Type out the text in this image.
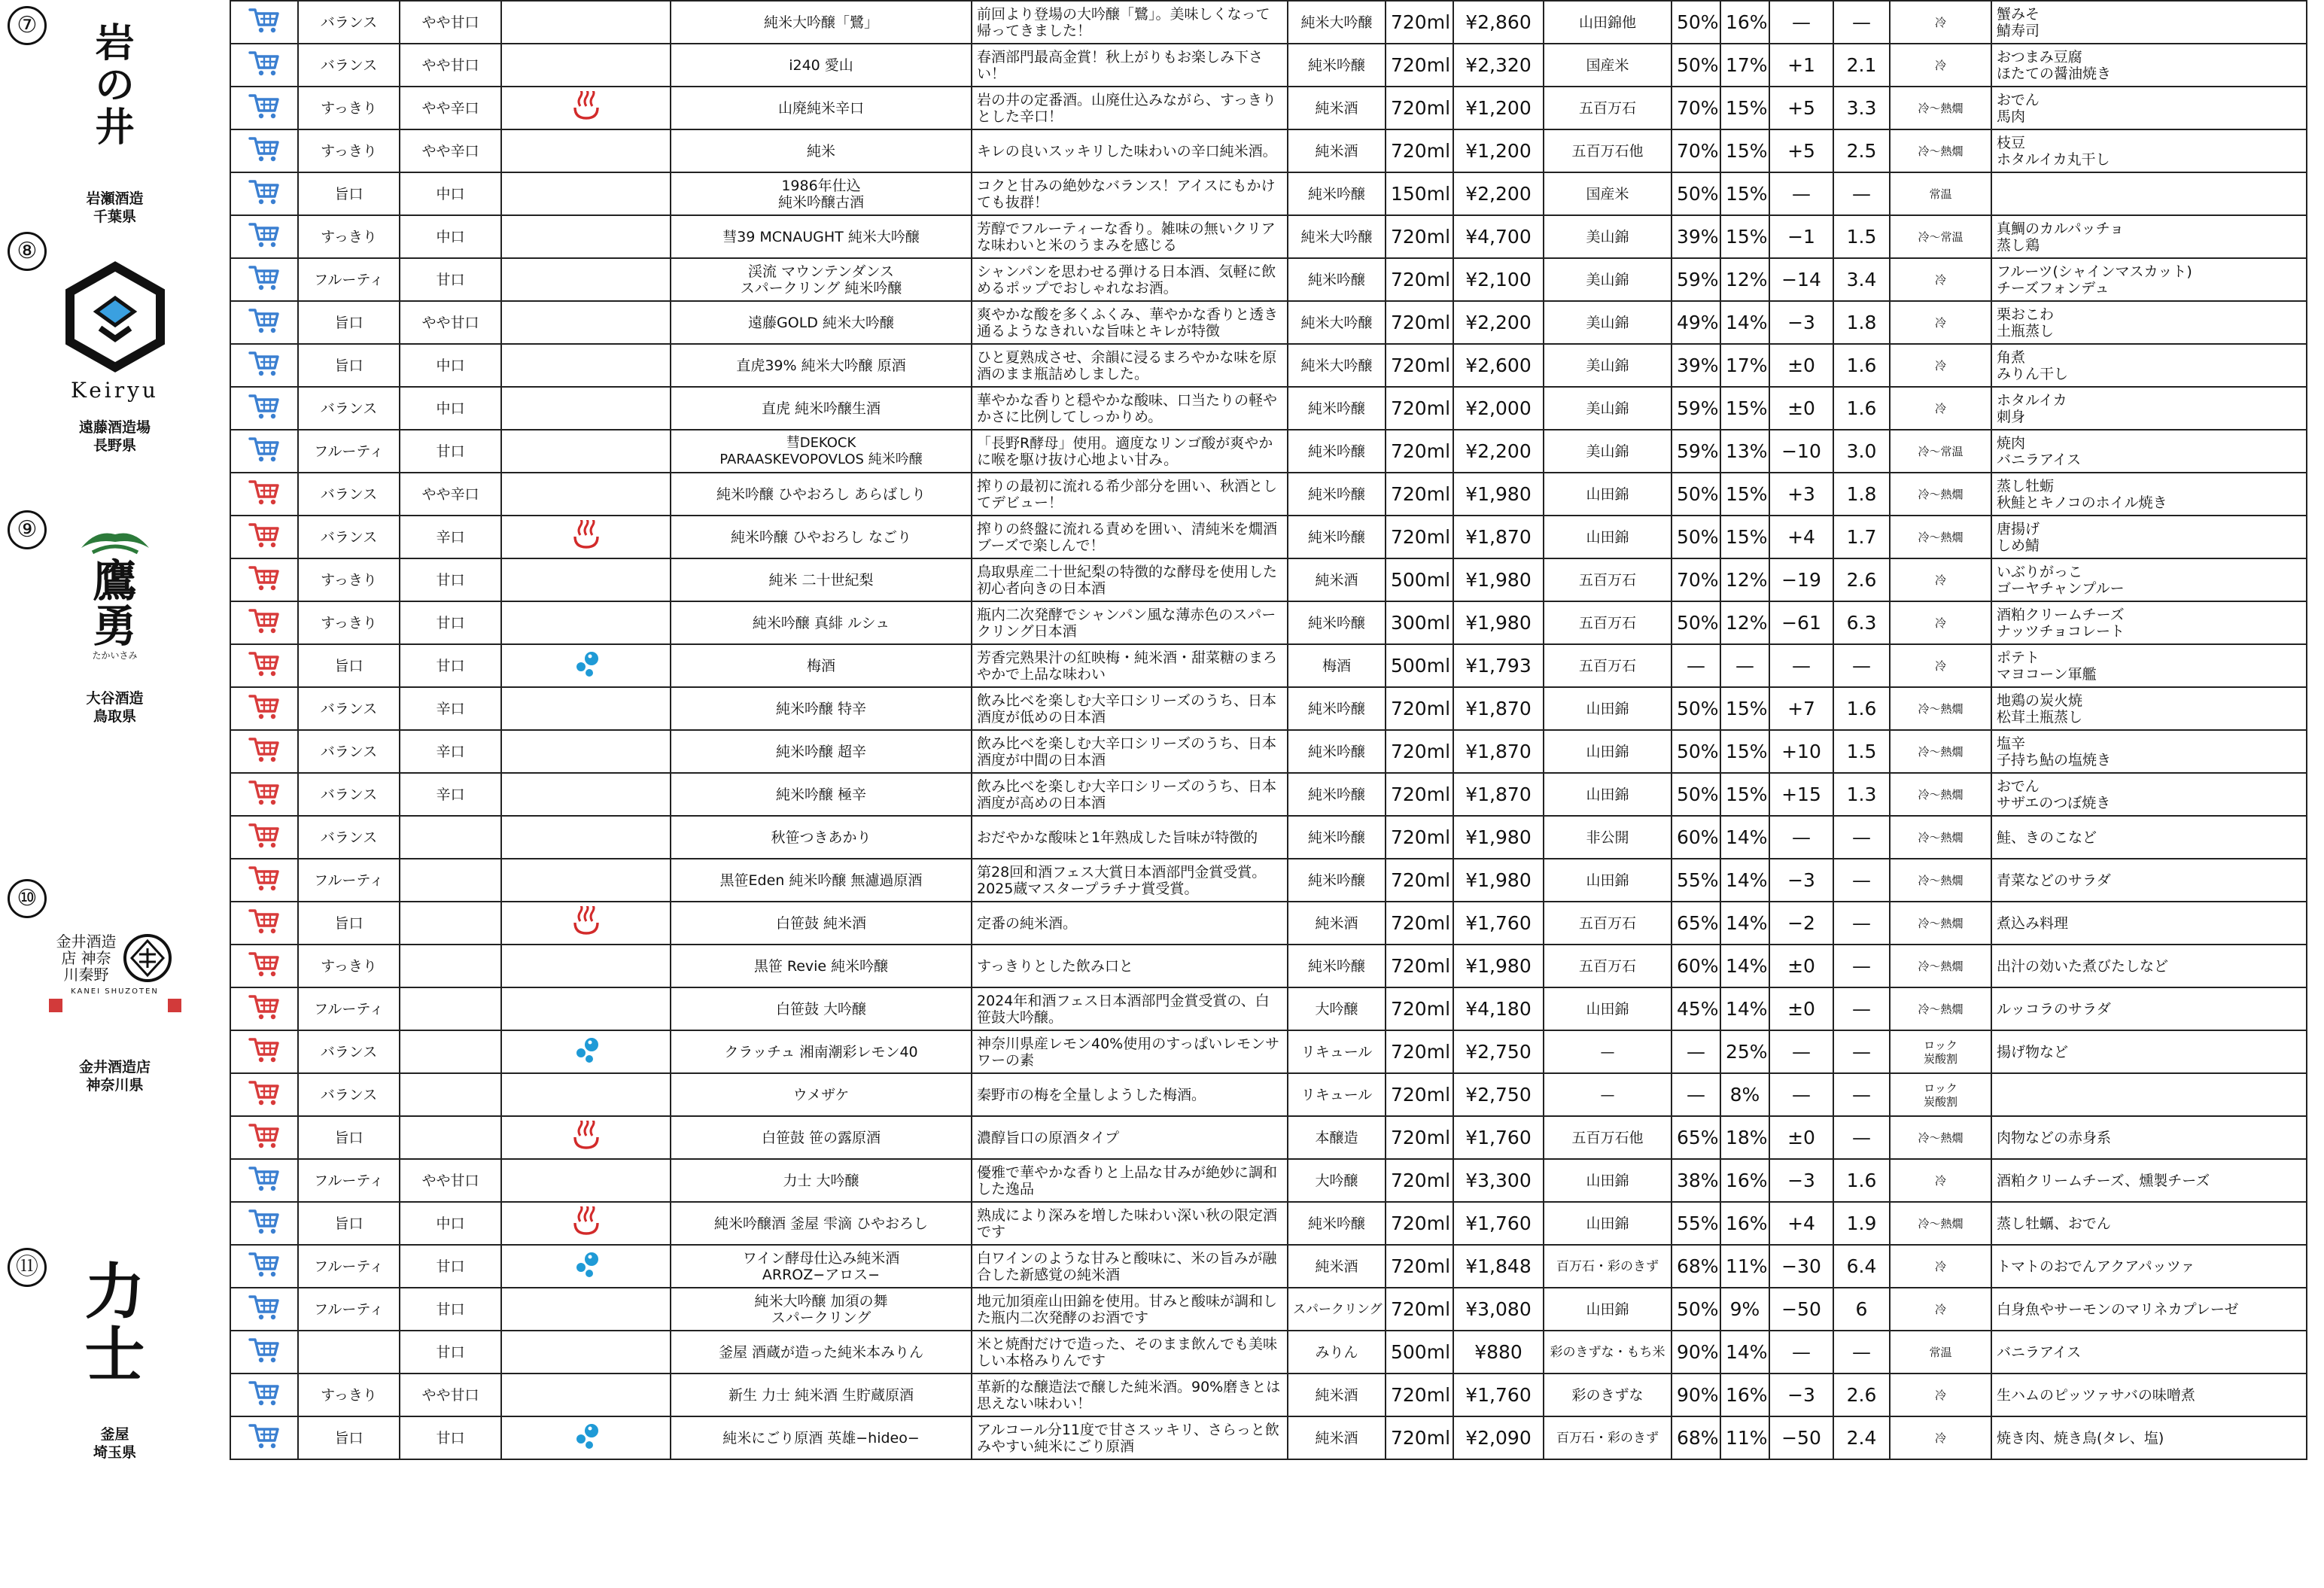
⑦ 岩の井
岩瀬酒造
千葉県
⑧
Keiryu
遠藤酒造場
長野県
⑨
鷹勇
たかいさみ
大谷酒造
鳥取県
⑩
金井酒造店 神奈川秦野
KANEI SHUZOTEN
金井酒造店
神奈川県
⑪ 力士
釜屋
埼玉県
	バランス	やや甘口		純米大吟醸「鷺」	前回より登場の大吟醸「鷺」。美味しくなって帰ってきました！	純米大吟醸	720ml	¥2,860	山田錦他	50%	16%	—	—	冷	蟹みそ
鯖寿司
	バランス	やや甘口		i240 愛山	春酒部門最高金賞！秋上がりもお楽しみ下さい！	純米吟醸	720ml	¥2,320	国産米	50%	17%	+1	2.1	冷	おつまみ豆腐
ほたての醤油焼き
	すっきり	やや辛口		山廃純米辛口	岩の井の定番酒。山廃仕込みながら、すっきりとした辛口！	純米酒	720ml	¥1,200	五百万石	70%	15%	+5	3.3	冷～熱燗	おでん
馬肉
	すっきり	やや辛口		純米	キレの良いスッキリした味わいの辛口純米酒。	純米酒	720ml	¥1,200	五百万石他	70%	15%	+5	2.5	冷～熱燗	枝豆
ホタルイカ丸干し
	旨口	中口		1986年仕込
純米吟醸古酒	コクと甘みの絶妙なバランス！アイスにもかけても抜群！	純米吟醸	150ml	¥2,200	国産米	50%	15%	—	—	常温	
	すっきり	中口		彗39 MCNAUGHT 純米大吟醸	芳醇でフルーティーな香り。雑味の無いクリアな味わいと米のうまみを感じる	純米大吟醸	720ml	¥4,700	美山錦	39%	15%	−1	1.5	冷～常温	真鯛のカルパッチョ
蒸し鶏
	フルーティ	甘口		渓流 マウンテンダンス
スパークリング 純米吟醸	シャンパンを思わせる弾ける日本酒、気軽に飲めるポップでおしゃれなお酒。	純米吟醸	720ml	¥2,100	美山錦	59%	12%	−14	3.4	冷	フルーツ(シャインマスカット)
チーズフォンデュ
	旨口	やや甘口		遠藤GOLD 純米大吟醸	爽やかな酸を多くふくみ、華やかな香りと透き通るようなきれいな旨味とキレが特徴	純米大吟醸	720ml	¥2,200	美山錦	49%	14%	−3	1.8	冷	栗おこわ
土瓶蒸し
	旨口	中口		直虎39% 純米大吟醸 原酒	ひと夏熟成させ、余韻に浸るまろやかな味を原酒のまま瓶詰めしました。	純米大吟醸	720ml	¥2,600	美山錦	39%	17%	±0	1.6	冷	角煮
みりん干し
	バランス	中口		直虎 純米吟醸生酒	華やかな香りと穏やかな酸味、口当たりの軽やかさに比例してしっかりめ。	純米吟醸	720ml	¥2,000	美山錦	59%	15%	±0	1.6	冷	ホタルイカ
刺身
	フルーティ	甘口		彗DEKOCK
PARAASKEVOPOVLOS 純米吟醸	「長野R酵母」使用。適度なリンゴ酸が爽やかに喉を駆け抜け心地よい甘み。	純米吟醸	720ml	¥2,200	美山錦	59%	13%	−10	3.0	冷～常温	焼肉
バニラアイス
	バランス	やや辛口		純米吟醸 ひやおろし あらばしり	搾りの最初に流れる希少部分を囲い、秋酒としてデビュー！	純米吟醸	720ml	¥1,980	山田錦	50%	15%	+3	1.8	冷～熱燗	蒸し牡蛎
秋鮭とキノコのホイル焼き
	バランス	辛口		純米吟醸 ひやおろし なごり	搾りの終盤に流れる責めを囲い、清純米を燗酒ブーズで楽しんで！	純米吟醸	720ml	¥1,870	山田錦	50%	15%	+4	1.7	冷～熱燗	唐揚げ
しめ鯖
	すっきり	甘口		純米 二十世紀梨	鳥取県産二十世紀梨の特徴的な酵母を使用した初心者向きの日本酒	純米酒	500ml	¥1,980	五百万石	70%	12%	−19	2.6	冷	いぶりがっこ
ゴーヤチャンプルー
	すっきり	甘口		純米吟醸 真緋 ルシュ	瓶内二次発酵でシャンパン風な薄赤色のスパークリング日本酒	純米吟醸	300ml	¥1,980	五百万石	50%	12%	−61	6.3	冷	酒粕クリームチーズ
ナッツチョコレート
	旨口	甘口		梅酒	芳香完熟果汁の紅映梅・純米酒・甜菜糖のまろやかで上品な味わい	梅酒	500ml	¥1,793	五百万石	—	—	—	—	冷	ポテト
マヨコーン軍艦
	バランス	辛口		純米吟醸 特辛	飲み比べを楽しむ大辛口シリーズのうち、日本酒度が低めの日本酒	純米吟醸	720ml	¥1,870	山田錦	50%	15%	+7	1.6	冷～熱燗	地鶏の炭火焼
松茸土瓶蒸し
	バランス	辛口		純米吟醸 超辛	飲み比べを楽しむ大辛口シリーズのうち、日本酒度が中間の日本酒	純米吟醸	720ml	¥1,870	山田錦	50%	15%	+10	1.5	冷～熱燗	塩辛
子持ち鮎の塩焼き
	バランス	辛口		純米吟醸 極辛	飲み比べを楽しむ大辛口シリーズのうち、日本酒度が高めの日本酒	純米吟醸	720ml	¥1,870	山田錦	50%	15%	+15	1.3	冷～熱燗	おでん
サザエのつぼ焼き
	バランス			秋笹つきあかり	おだやかな酸味と1年熟成した旨味が特徴的	純米吟醸	720ml	¥1,980	非公開	60%	14%	—	—	冷～熱燗	鮭、きのこなど
	フルーティ			黒笹Eden 純米吟醸 無濾過原酒	第28回和酒フェス大賞日本酒部門金賞受賞。2025蔵マスタープラチナ賞受賞。	純米吟醸	720ml	¥1,980	山田錦	55%	14%	−3	—	冷～熱燗	青菜などのサラダ
	旨口			白笹鼓 純米酒	定番の純米酒。	純米酒	720ml	¥1,760	五百万石	65%	14%	−2	—	冷～熱燗	煮込み料理
	すっきり			黒笹 Revie 純米吟醸	すっきりとした飲み口と	純米吟醸	720ml	¥1,980	五百万石	60%	14%	±0	—	冷～熱燗	出汁の効いた煮びたしなど
	フルーティ			白笹鼓 大吟醸	2024年和酒フェス日本酒部門金賞受賞の、白笹鼓大吟醸。	大吟醸	720ml	¥4,180	山田錦	45%	14%	±0	—	冷～熱燗	ルッコラのサラダ
	バランス			クラッチュ 湘南潮彩レモン40	神奈川県産レモン40%使用のすっぱいレモンサワーの素	リキュール	720ml	¥2,750	—	—	25%	—	—	ロック
炭酸割	揚げ物など
	バランス			ウメザケ	秦野市の梅を全量しようした梅酒。	リキュール	720ml	¥2,750	—	—	8%	—	—	ロック
炭酸割	
	旨口			白笹鼓 笹の露原酒	濃醇旨口の原酒タイプ	本醸造	720ml	¥1,760	五百万石他	65%	18%	±0	—	冷～熱燗	肉物などの赤身系
	フルーティ	やや甘口		力士 大吟醸	優雅で華やかな香りと上品な甘みが絶妙に調和した逸品	大吟醸	720ml	¥3,300	山田錦	38%	16%	−3	1.6	冷	酒粕クリームチーズ、燻製チーズ
	旨口	中口		純米吟醸酒 釜屋 雫滴 ひやおろし	熟成により深みを増した味わい深い秋の限定酒です	純米吟醸	720ml	¥1,760	山田錦	55%	16%	+4	1.9	冷～熱燗	蒸し牡蠣、おでん
	フルーティ	甘口		ワイン酵母仕込み純米酒
ARROZ−アロス−	白ワインのような甘みと酸味に、米の旨みが融合した新感覚の純米酒	純米酒	720ml	¥1,848	百万石・彩のきず	68%	11%	−30	6.4	冷	トマトのおでんアクアパッツァ
	フルーティ	甘口		純米大吟醸 加須の舞
スパークリング	地元加須産山田錦を使用。甘みと酸味が調和した瓶内二次発酵のお酒です	スパークリング	720ml	¥3,080	山田錦	50%	9%	−50	6	冷	白身魚やサーモンのマリネカプレーゼ
		甘口		釜屋 酒蔵が造った純米本みりん	米と焼酎だけで造った、そのまま飲んでも美味しい本格みりんです	みりん	500ml	¥880	彩のきずな・もち米	90%	14%	—	—	常温	バニラアイス
	すっきり	やや甘口		新生 力士 純米酒 生貯蔵原酒	革新的な醸造法で醸した純米酒。90%磨きとは思えない味わい！	純米酒	720ml	¥1,760	彩のきずな	90%	16%	−3	2.6	冷	生ハムのピッツァサバの味噌煮
	旨口	甘口		純米にごり原酒 英雄−hideo−	アルコール分11度で甘さスッキリ、さらっと飲みやすい純米にごり原酒	純米酒	720ml	¥2,090	百万石・彩のきず	68%	11%	−50	2.4	冷	焼き肉、焼き鳥(タレ、塩)
